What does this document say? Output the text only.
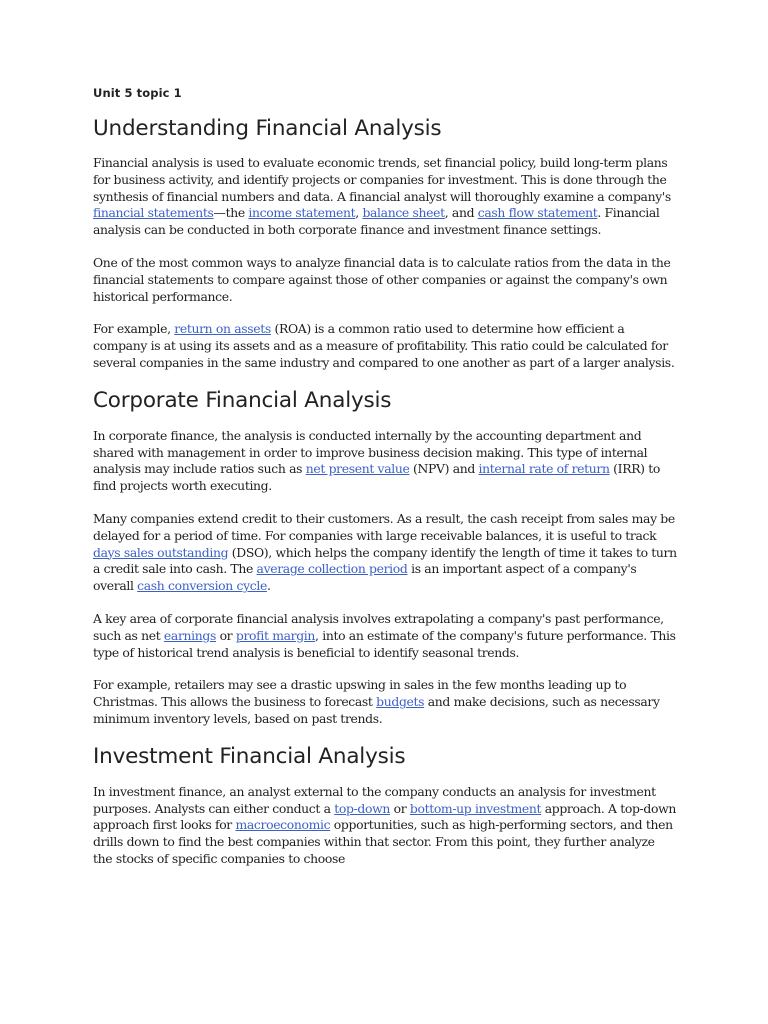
Unit 5 topic 1
Understanding Financial Analysis

Financial analysis is used to evaluate economic trends, set financial policy, build long-term plans for business activity, and identify projects or companies for investment. This is done through the synthesis of financial numbers and data. A financial analyst will thoroughly examine a company's financial statements—the income statement, balance sheet, and cash flow statement. Financial analysis can be conducted in both corporate finance and investment finance settings.

One of the most common ways to analyze financial data is to calculate ratios from the data in the financial statements to compare against those of other companies or against the company's own historical performance.

For example, return on assets (ROA) is a common ratio used to determine how efficient a company is at using its assets and as a measure of profitability. This ratio could be calculated for several companies in the same industry and compared to one another as part of a larger analysis.

Corporate Financial Analysis

In corporate finance, the analysis is conducted internally by the accounting department and shared with management in order to improve business decision making. This type of internal analysis may include ratios such as net present value (NPV) and internal rate of return (IRR) to find projects worth executing.

Many companies extend credit to their customers. As a result, the cash receipt from sales may be delayed for a period of time. For companies with large receivable balances, it is useful to track days sales outstanding (DSO), which helps the company identify the length of time it takes to turn a credit sale into cash. The average collection period is an important aspect of a company's overall cash conversion cycle.

A key area of corporate financial analysis involves extrapolating a company's past performance, such as net earnings or profit margin, into an estimate of the company's future performance. This type of historical trend analysis is beneficial to identify seasonal trends.

For example, retailers may see a drastic upswing in sales in the few months leading up to Christmas. This allows the business to forecast budgets and make decisions, such as necessary minimum inventory levels, based on past trends.

Investment Financial Analysis

In investment finance, an analyst external to the company conducts an analysis for investment purposes. Analysts can either conduct a top-down or bottom-up investment approach. A top-down approach first looks for macroeconomic opportunities, such as high-performing sectors, and then drills down to find the best companies within that sector. From this point, they further analyze the stocks of specific companies to choose
